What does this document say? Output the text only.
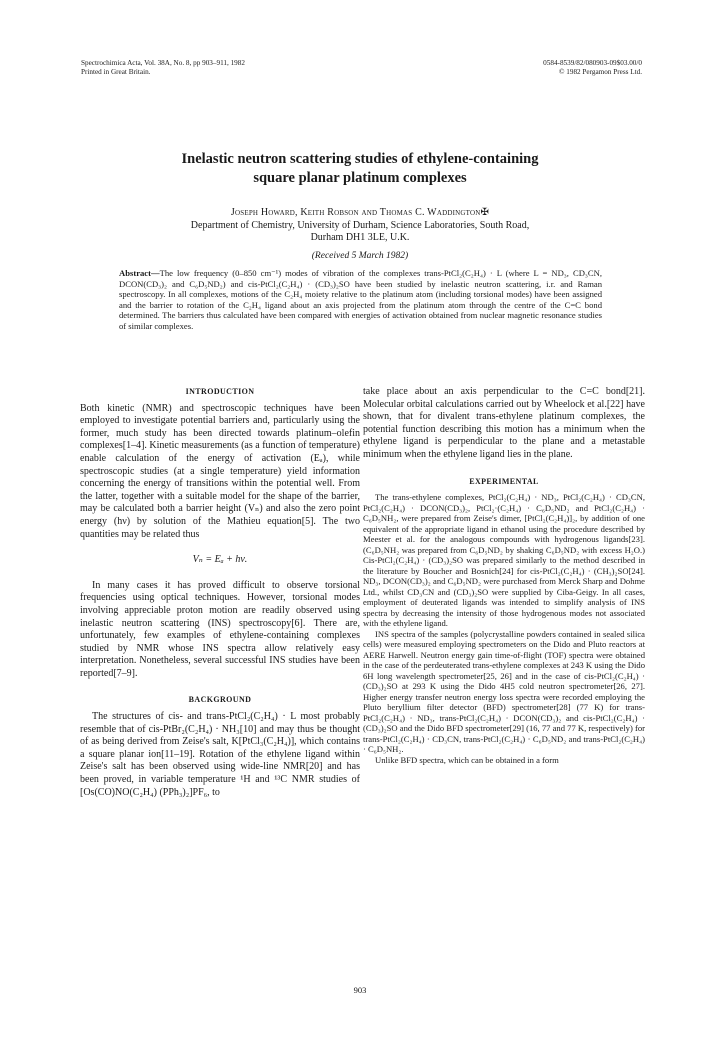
Spectrochimica Acta, Vol. 38A, No. 8, pp 903–911, 1982
Printed in Great Britain.
0584-8539/82/080903-09$03.00/0
© 1982 Pergamon Press Ltd.
Inelastic neutron scattering studies of ethylene-containing
square planar platinum complexes
Joseph Howard, Keith Robson and Thomas C. Waddington✠
Department of Chemistry, University of Durham, Science Laboratories, South Road,
Durham DH1 3LE, U.K.
(Received 5 March 1982)
Abstract—The low frequency (0–850 cm⁻¹) modes of vibration of the complexes trans-PtCl₂(C₂H₄) · L (where L = ND₃, CD₃CN, DCON(CD₃)₂ and C₆D₅ND₂) and cis-PtCl₂(C₂H₄) · (CD₃)₂SO have been studied by inelastic neutron scattering, i.r. and Raman spectroscopy. In all complexes, motions of the C₂H₄ moiety relative to the platinum atom (including torsional modes) have been assigned and the barrier to rotation of the C₂H₄ ligand about an axis projected from the platinum atom through the centre of the C=C bond determined. The barriers thus calculated have been compared with energies of activation obtained from nuclear magnetic resonance studies of similar complexes.
INTRODUCTION

Both kinetic (NMR) and spectroscopic techniques have been employed to investigate potential barriers and, particularly using the former, much study has been directed towards platinum–olefin complexes[1–4]. Kinetic measurements (as a function of temperature) enable calculation of the energy of activation (Eₐ), while spectroscopic studies (at a single temperature) yield information concerning the energy of transitions within the potential well. From the latter, together with a suitable model for the shape of the barrier, may be calculated both a barrier height (Vₙ) and also the zero point energy (hν) by solution of the Mathieu equation[5]. The two quantities may be related thus

Vₙ = Eₐ + hν.

In many cases it has proved difficult to observe torsional frequencies using optical techniques. However, torsional modes involving appreciable proton motion are readily observed using inelastic neutron scattering (INS) spectroscopy[6]. There are, unfortunately, few examples of ethylene-containing complexes studied by NMR whose INS spectra allow relatively easy interpretation. Nonetheless, several successful INS studies have been reported[7–9].

BACKGROUND

The structures of cis- and trans-PtCl₂(C₂H₄) · L most probably resemble that of cis-PtBr₂(C₂H₄) · NH₃[10] and may thus be thought of as being derived from Zeise's salt, K[PtCl₃(C₂H₄)], which contains a square planar ion[11–19]. Rotation of the ethylene ligand within Zeise's salt has been observed using wide-line NMR[20] and has been proved, in variable temperature ¹H and ¹³C NMR studies of [Os(CO)NO(C₂H₄) (PPh₃)₂]PF₆, to

take place about an axis perpendicular to the C=C bond[21]. Molecular orbital calculations carried out by Wheelock et al.[22] have shown, that for divalent trans-ethylene platinum complexes, the potential function describing this motion has a minimum when the ethylene ligand is perpendicular to the plane and a metastable minimum when the ethylene ligand lies in the plane.

EXPERIMENTAL

The trans-ethylene complexes, PtCl₂(C₂H₄) · ND₃, PtCl₂(C₂H₄) · CD₃CN, PtCl₂(C₂H₄) · DCON(CD₃)₂, PtCl₂·(C₂H₄) · C₆D₅ND₂ and PtCl₂(C₂H₄) · C₆D₅NH₂, were prepared from Zeise's dimer, [PtCl₂(C₂H₄)]₂, by addition of one equivalent of the appropriate ligand in ethanol using the procedure described by Meester et al. for the analogous compounds with hydrogenous ligands[23]. (C₆D₅NH₂ was prepared from C₆D₅ND₂ by shaking C₆D₅ND₂ with excess H₂O.) Cis-PtCl₂(C₂H₄) · (CD₃)₂SO was prepared similarly to the method described in the literature by Boucher and Bosnich[24] for cis-PtCl₂(C₂H₄) · (CH₃)₂SO[24]. ND₃, DCON(CD₃)₂ and C₆D₅ND₂ were purchased from Merck Sharp and Dohme Ltd., whilst CD₃CN and (CD₃)₂SO were supplied by Ciba-Geigy. In all cases, employment of deuterated ligands was intended to simplify analysis of INS spectra by decreasing the intensity of those hydrogenous modes not associated with the ethylene ligand.

INS spectra of the samples (polycrystalline powders contained in sealed silica cells) were measured employing spectrometers on the Dido and Pluto reactors at AERE Harwell. Neutron energy gain time-of-flight (TOF) spectra were obtained in the case of the perdeuterated trans-ethylene complexes at 243 K using the Dido 6H long wavelength spectrometer[25, 26] and in the case of cis-PtCl₂(C₂H₄) · (CD₃)₂SO at 293 K using the Dido 4H5 cold neutron spectrometer[26, 27]. Higher energy transfer neutron energy loss spectra were recorded employing the Pluto beryllium filter detector (BFD) spectrometer[28] (77 K) for trans-PtCl₂(C₂H₄) · ND₃, trans-PtCl₂(C₂H₄) · DCON(CD₃)₂ and cis-PtCl₂(C₂H₄) · (CD₃)₂SO and the Dido BFD spectrometer[29] (16, 77 and 77 K, respectively) for trans-PtCl₂(C₂H₄) · CD₃CN, trans-PtCl₂(C₂H₄) · C₆D₅ND₂ and trans-PtCl₂(C₂H₄) · C₆D₅NH₂.

Unlike BFD spectra, which can be obtained in a form

903
